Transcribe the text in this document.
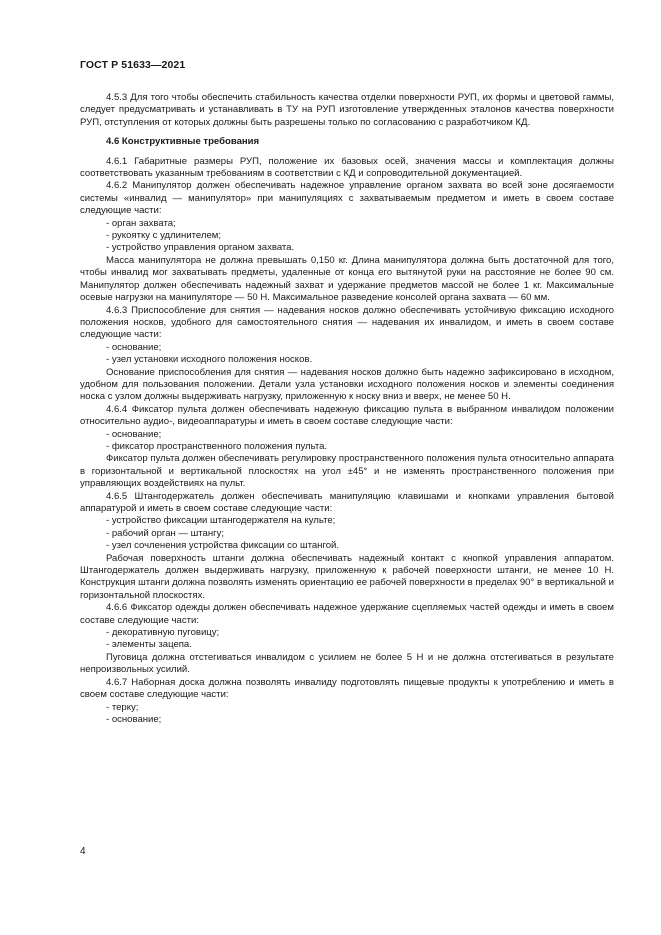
ГОСТ Р 51633—2021

4.5.3 Для того чтобы обеспечить стабильность качества отделки поверхности РУП, их формы и цветовой гаммы, следует предусматривать и устанавливать в ТУ на РУП изготовление утвержденных эталонов качества поверхности РУП, отступления от которых должны быть разрешены только по согласованию с разработчиком КД.

4.6 Конструктивные требования

4.6.1 Габаритные размеры РУП, положение их базовых осей, значения массы и комплектация должны соответствовать указанным требованиям в соответствии с КД и сопроводительной документацией.

4.6.2 Манипулятор должен обеспечивать надежное управление органом захвата во всей зоне досягаемости системы «инвалид — манипулятор» при манипуляциях с захватываемым предметом и иметь в своем составе следующие части:

- орган захвата;

- рукоятку с удлинителем;

- устройство управления органом захвата.

Масса манипулятора не должна превышать 0,150 кг. Длина манипулятора должна быть достаточной для того, чтобы инвалид мог захватывать предметы, удаленные от конца его вытянутой руки на расстояние не более 90 см. Манипулятор должен обеспечивать надежный захват и удержание предметов массой не более 1 кг. Максимальные осевые нагрузки на манипуляторе — 50 Н. Максимальное разведение консолей органа захвата — 60 мм.

4.6.3 Приспособление для снятия — надевания носков должно обеспечивать устойчивую фиксацию исходного положения носков, удобного для самостоятельного снятия — надевания их инвалидом, и иметь в своем составе следующие части:

- основание;

- узел установки исходного положения носков.

Основание приспособления для снятия — надевания носков должно быть надежно зафиксировано в исходном, удобном для пользования положении. Детали узла установки исходного положения носков и элементы соединения носка с узлом должны выдерживать нагрузку, приложенную к носку вниз и вверх, не менее 50 Н.

4.6.4 Фиксатор пульта должен обеспечивать надежную фиксацию пульта в выбранном инвалидом положении относительно аудио-, видеоаппаратуры и иметь в своем составе следующие части:

- основание;

- фиксатор пространственного положения пульта.

Фиксатор пульта должен обеспечивать регулировку пространственного положения пульта относительно аппарата в горизонтальной и вертикальной плоскостях на угол ±45° и не изменять пространственного положения при управляющих воздействиях на пульт.

4.6.5 Штангодержатель должен обеспечивать манипуляцию клавишами и кнопками управления бытовой аппаратурой и иметь в своем составе следующие части:

- устройство фиксации штангодержателя на культе;

- рабочий орган — штангу;

- узел сочленения устройства фиксации со штангой.

Рабочая поверхность штанги должна обеспечивать надежный контакт с кнопкой управления аппаратом. Штангодержатель должен выдерживать нагрузку, приложенную к рабочей поверхности штанги, не менее 10 Н. Конструкция штанги должна позволять изменять ориентацию ее рабочей поверхности в пределах 90° в вертикальной и горизонтальной плоскостях.

4.6.6 Фиксатор одежды должен обеспечивать надежное удержание сцепляемых частей одежды и иметь в своем составе следующие части:

- декоративную пуговицу;

- элементы зацепа.

Пуговица должна отстегиваться инвалидом с усилием не более 5 Н и не должна отстегиваться в результате непроизвольных усилий.

4.6.7 Наборная доска должна позволять инвалиду подготовлять пищевые продукты к употреблению и иметь в своем составе следующие части:

- терку;

- основание;

4
